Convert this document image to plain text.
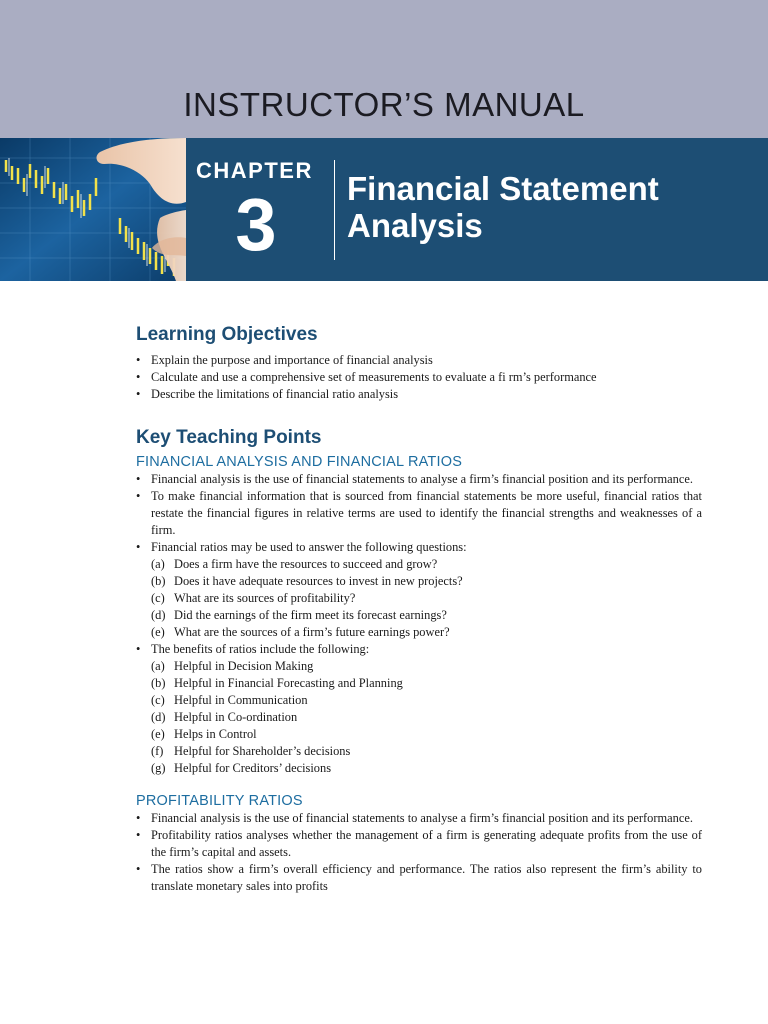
INSTRUCTOR’S MANUAL
CHAPTER
3	Financial Statement Analysis
Learning Objectives
• Explain the purpose and importance of financial analysis
• Calculate and use a comprehensive set of measurements to evaluate a fi rm’s performance
• Describe the limitations of financial ratio analysis
Key Teaching Points
FINANCIAL ANALYSIS AND FINANCIAL RATIOS
• Financial analysis is the use of financial statements to analyse a firm’s financial position and its performance.
• To make financial information that is sourced from financial statements be more useful, financial ratios that restate the financial figures in relative terms are used to identify the financial strengths and weaknesses of a firm.
• Financial ratios may be used to answer the following questions:
(a) Does a firm have the resources to succeed and grow?
(b) Does it have adequate resources to invest in new projects?
(c) What are its sources of profitability?
(d) Did the earnings of the firm meet its forecast earnings?
(e) What are the sources of a firm’s future earnings power?
• The benefits of ratios include the following:
(a) Helpful in Decision Making
(b) Helpful in Financial Forecasting and Planning
(c) Helpful in Communication
(d) Helpful in Co-ordination
(e) Helps in Control
(f) Helpful for Shareholder’s decisions
(g) Helpful for Creditors’ decisions
PROFITABILITY RATIOS
• Financial analysis is the use of financial statements to analyse a firm’s financial position and its performance.
• Profitability ratios analyses whether the management of a firm is generating adequate profits from the use of the firm’s capital and assets.
• The ratios show a firm’s overall efficiency and performance. The ratios also represent the firm’s ability to translate monetary sales into profits
